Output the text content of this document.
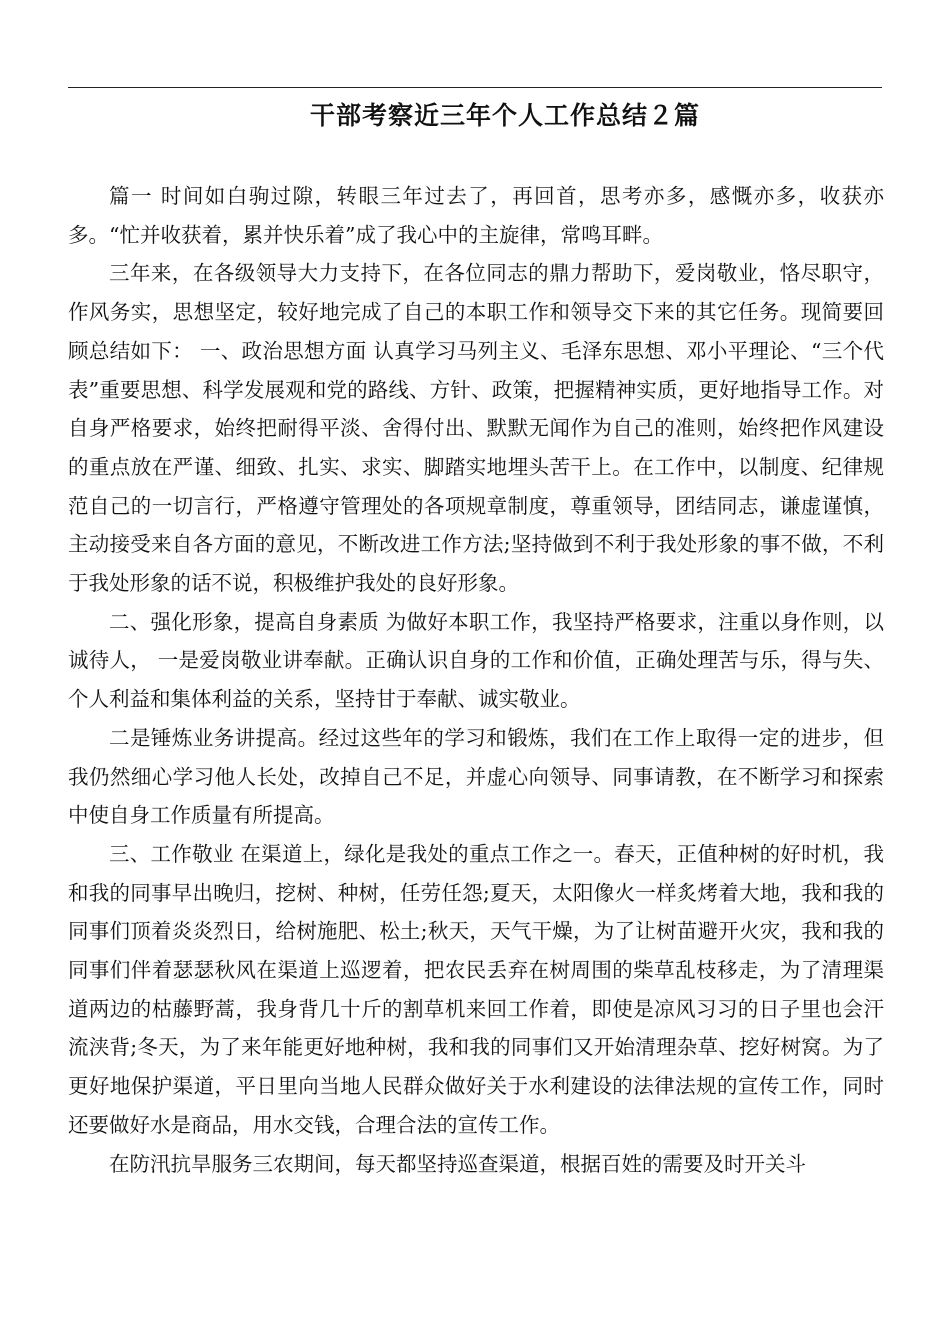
干部考察近三年个人工作总结２篇

篇一 时间如白驹过隙，转眼三年过去了，再回首，思考亦多，感慨亦多，收获亦多。“忙并收获着，累并快乐着”成了我心中的主旋律，常鸣耳畔。

三年来，在各级领导大力支持下，在各位同志的鼎力帮助下，爱岗敬业，恪尽职守，作风务实，思想坚定，较好地完成了自己的本职工作和领导交下来的其它任务。现简要回顾总结如下： 一、政治思想方面 认真学习马列主义、毛泽东思想、邓小平理论、“三个代表”重要思想、科学发展观和党的路线、方针、政策，把握精神实质，更好地指导工作。对自身严格要求，始终把耐得平淡、舍得付出、默默无闻作为自己的准则，始终把作风建设的重点放在严谨、细致、扎实、求实、脚踏实地埋头苦干上。在工作中，以制度、纪律规范自己的一切言行，严格遵守管理处的各项规章制度，尊重领导，团结同志，谦虚谨慎，主动接受来自各方面的意见，不断改进工作方法;坚持做到不利于我处形象的事不做，不利于我处形象的话不说，积极维护我处的良好形象。

二、强化形象，提高自身素质 为做好本职工作，我坚持严格要求，注重以身作则，以诚待人， 一是爱岗敬业讲奉献。正确认识自身的工作和价值，正确处理苦与乐，得与失、个人利益和集体利益的关系，坚持甘于奉献、诚实敬业。

二是锤炼业务讲提高。经过这些年的学习和锻炼，我们在工作上取得一定的进步，但我仍然细心学习他人长处，改掉自己不足，并虚心向领导、同事请教，在不断学习和探索中使自身工作质量有所提高。

三、工作敬业 在渠道上，绿化是我处的重点工作之一。春天，正值种树的好时机，我和我的同事早出晚归，挖树、种树，任劳任怨;夏天，太阳像火一样炙烤着大地，我和我的同事们顶着炎炎烈日，给树施肥、松土;秋天，天气干燥，为了让树苗避开火灾，我和我的同事们伴着瑟瑟秋风在渠道上巡逻着，把农民丢弃在树周围的柴草乱枝移走，为了清理渠道两边的枯藤野蒿，我身背几十斤的割草机来回工作着，即使是凉风习习的日子里也会汗流浃背;冬天，为了来年能更好地种树，我和我的同事们又开始清理杂草、挖好树窝。为了更好地保护渠道，平日里向当地人民群众做好关于水利建设的法律法规的宣传工作，同时还要做好水是商品，用水交钱，合理合法的宣传工作。

在防汛抗旱服务三农期间，每天都坚持巡查渠道，根据百姓的需要及时开关斗
